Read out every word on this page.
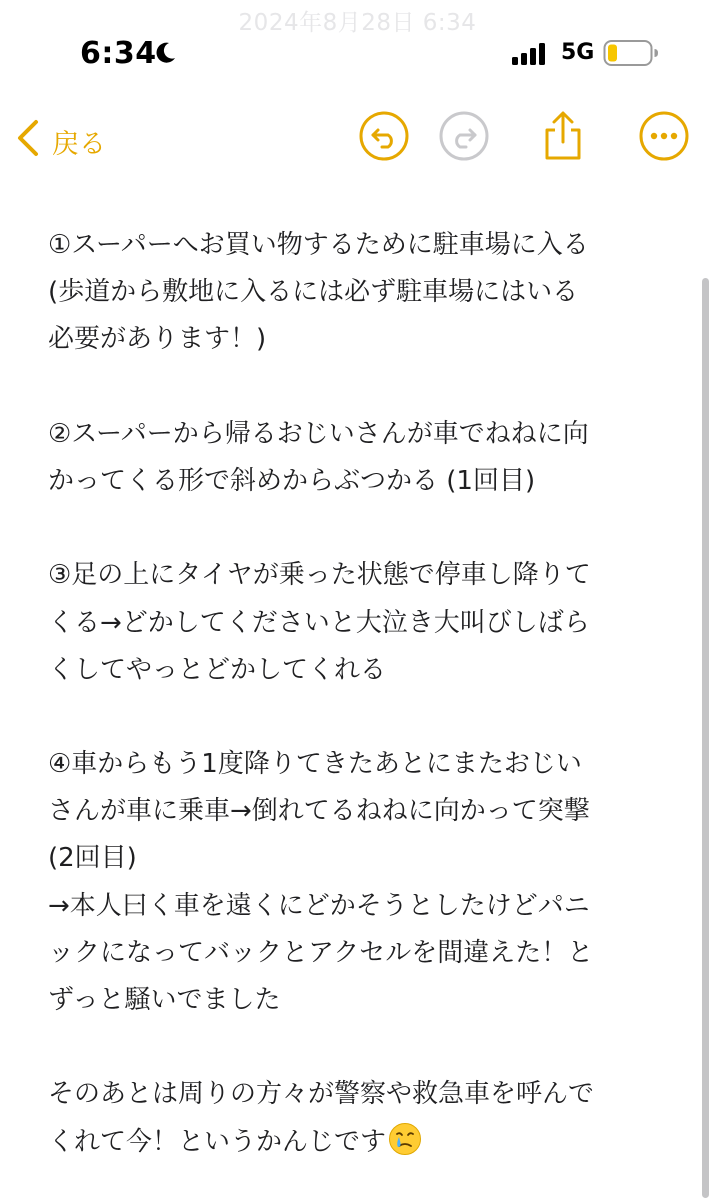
2024年8月28日 6:34
6:34	5G
戻る
①スーパーへお買い物するために駐車場に入る
(歩道から敷地に入るには必ず駐車場にはいる
必要があります！)
②スーパーから帰るおじいさんが車でねねに向
かってくる形で斜めからぶつかる (1回目)
③足の上にタイヤが乗った状態で停車し降りて
くる→どかしてくださいと大泣き大叫びしばら
くしてやっとどかしてくれる
④車からもう1度降りてきたあとにまたおじい
さんが車に乗車→倒れてるねねに向かって突撃
(2回目)
→本人曰く車を遠くにどかそうとしたけどパニ
ックになってバックとアクセルを間違えた！と
ずっと騒いでました
そのあとは周りの方々が警察や救急車を呼んで
くれて今！というかんじです
